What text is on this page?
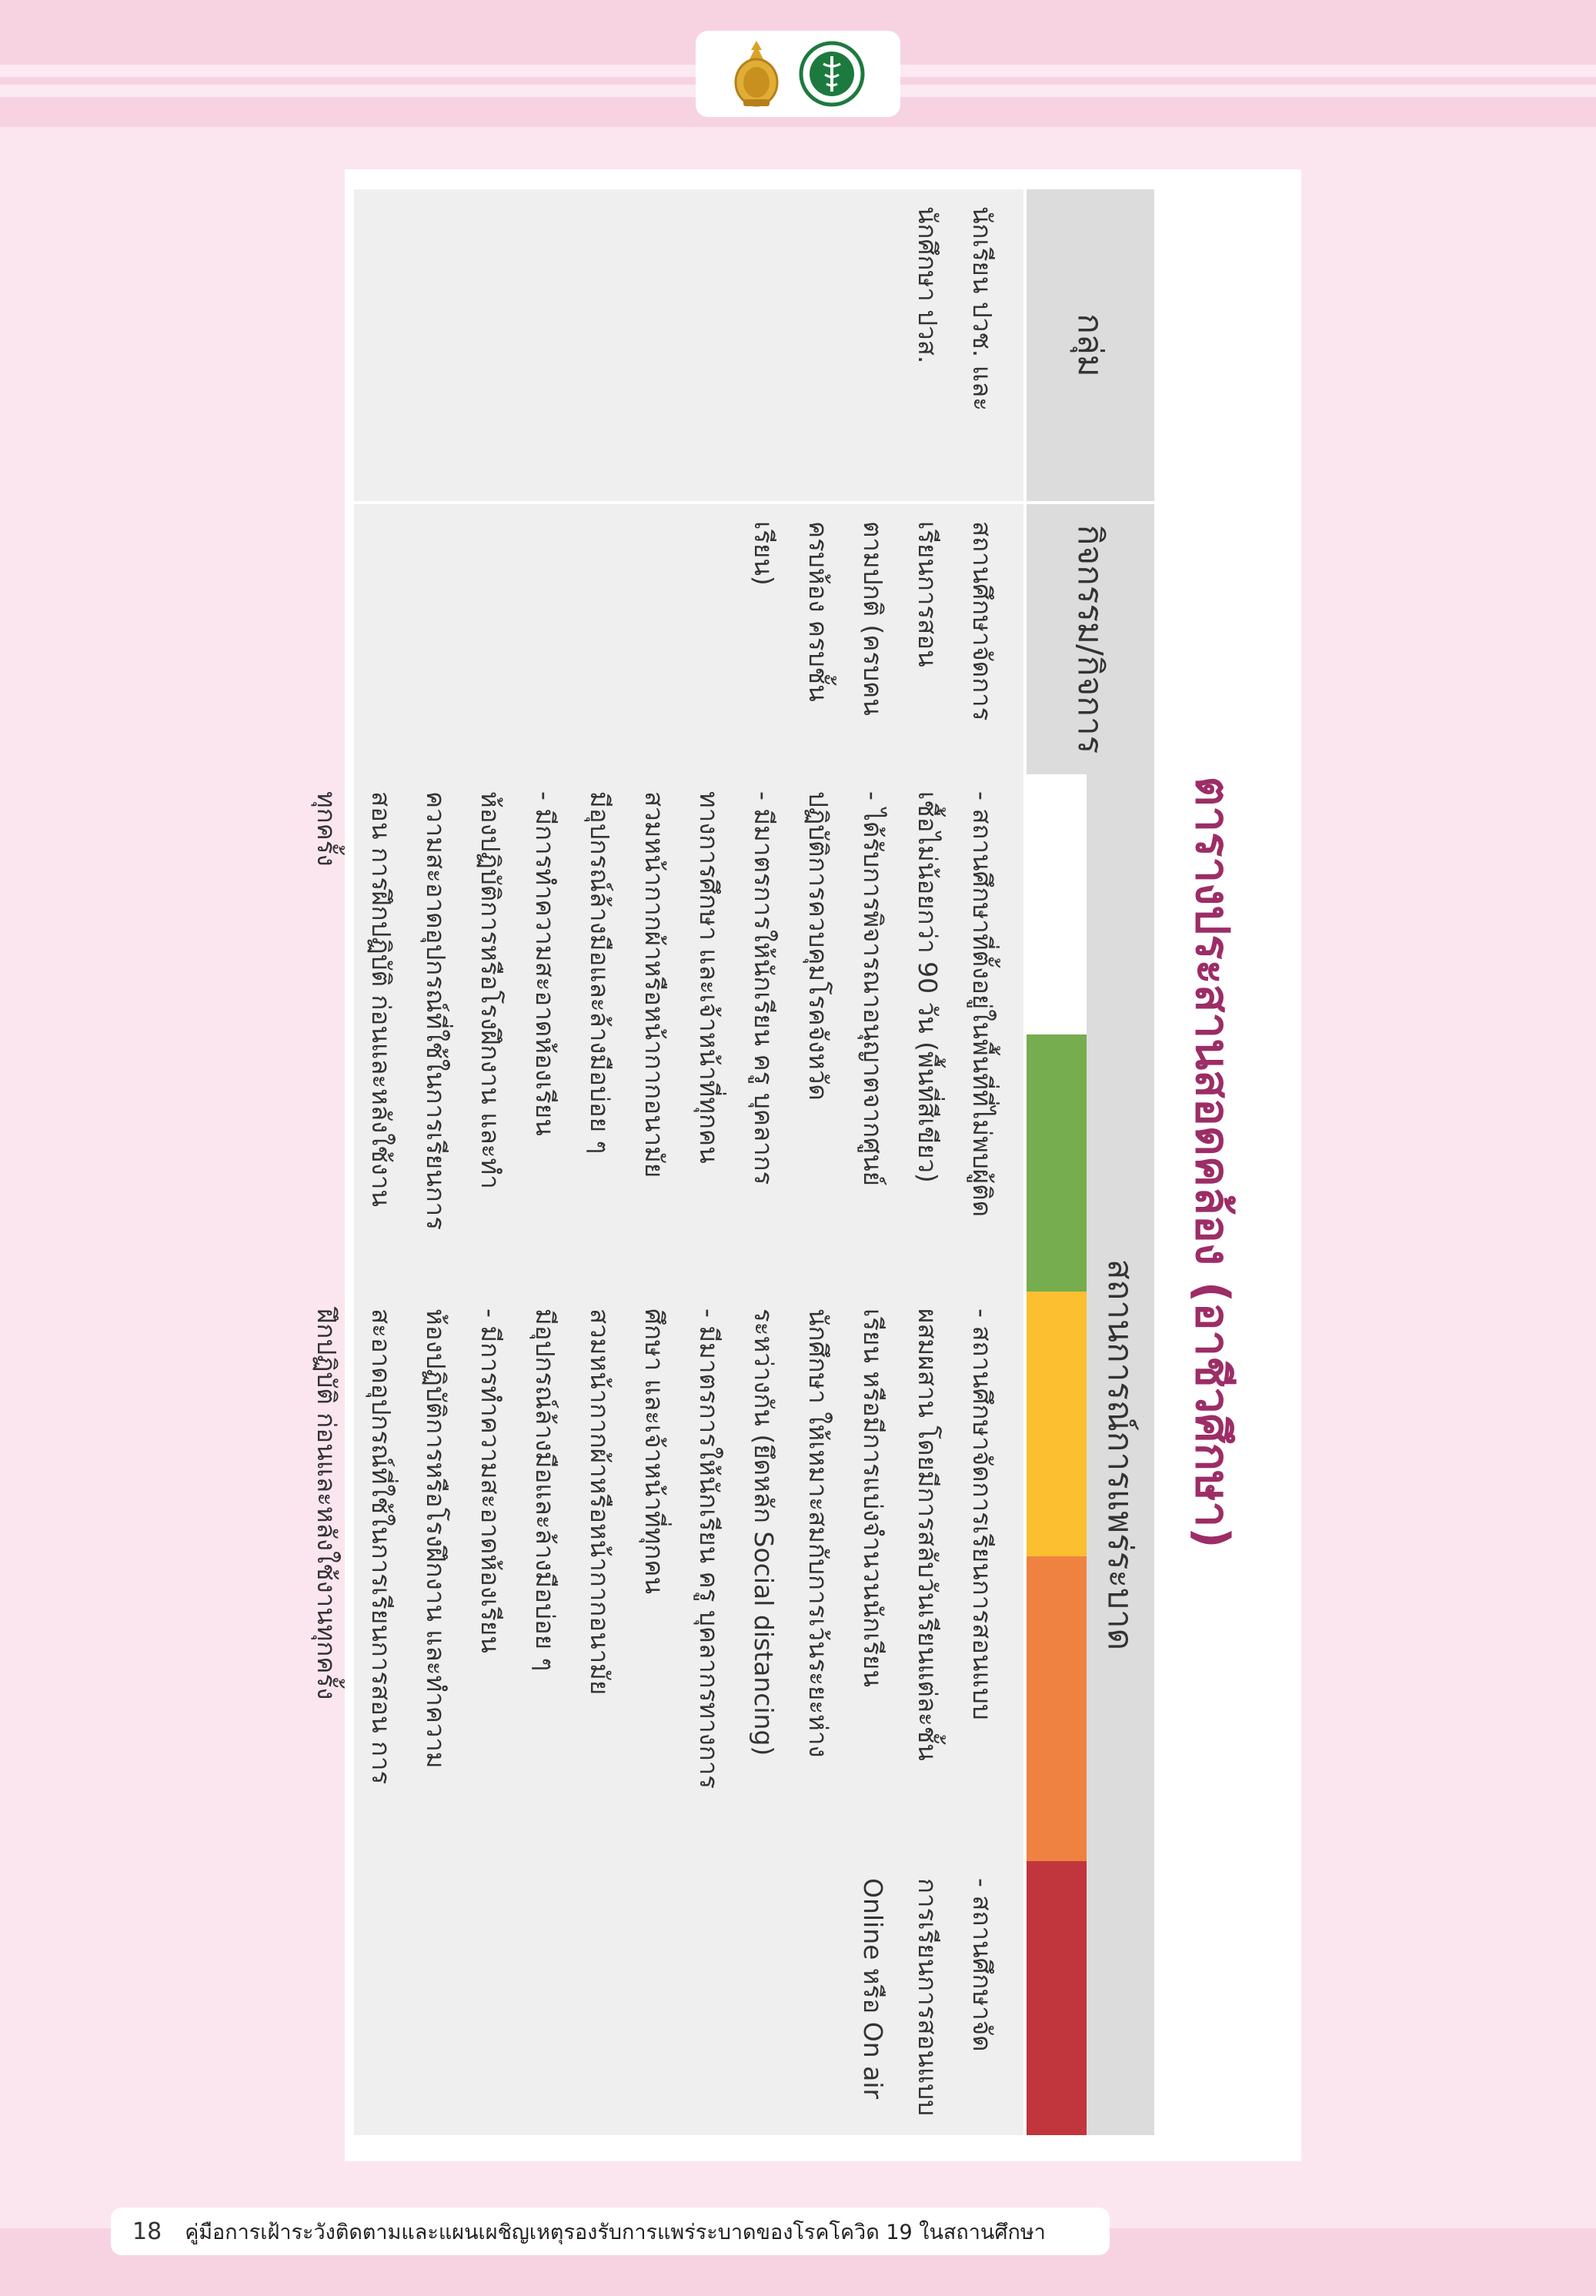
ตารางประสานสอดคล้อง (อาชีวศึกษา)
กลุ่ม
กิจกรรม/กิจการ
สถานการณ์การแพร่ระบาด
นักเรียน ปวช. และ
นักศึกษา ปวส.
สถานศึกษาจัดการ
เรียนการสอน
ตามปกติ (ครบคน
ครบห้อง ครบชั้น
เรียน)
- สถานศึกษาที่ตั้งอยู่ในพื้นที่ที่ไม่พบผู้ติด
เชื้อไม่น้อยกว่า 90 วัน (พื้นที่สีเขียว)
- ได้รับการพิจารณาอนุญาตจากศูนย์
ปฏิบัติการควบคุมโรคจังหวัด
- มีมาตรการให้นักเรียน ครู บุคลากร
ทางการศึกษา และเจ้าหน้าที่ทุกคน
สวมหน้ากากผ้าหรือหน้ากากอนามัย
มีอุปกรณ์ล้างมือและล้างมือบ่อย ๆ
- มีการทำความสะอาดห้องเรียน
ห้องปฏิบัติการหรือโรงฝึกงาน และทำ
ความสะอาดอุปกรณ์ที่ใช้ในการเรียนการ
สอน การฝึกปฏิบัติ ก่อนและหลังใช้งาน
ทุกครั้ง
- สถานศึกษาจัดการเรียนการสอนแบบ
ผสมผสาน โดยมีการสลับวันเรียนแต่ละชั้น
เรียน หรือมีการแบ่งจำนวนนักเรียน
นักศึกษา ให้เหมาะสมกับการเว้นระยะห่าง
ระหว่างกัน (ยึดหลัก Social distancing)
- มีมาตรการให้นักเรียน ครู บุคลากรทางการ
ศึกษา และเจ้าหน้าที่ทุกคน
สวมหน้ากากผ้าหรือหน้ากากอนามัย
มีอุปกรณ์ล้างมือและล้างมือบ่อย ๆ
- มีการทำความสะอาดห้องเรียน
ห้องปฏิบัติการหรือโรงฝึกงาน และทำความ
สะอาดอุปกรณ์ที่ใช้ในการเรียนการสอน การ
ฝึกปฏิบัติ ก่อนและหลังใช้งานทุกครั้ง
- สถานศึกษาจัด
การเรียนการสอนแบบ
Online หรือ On air
18 คู่มือการเฝ้าระวังติดตามและแผนเผชิญเหตุรองรับการแพร่ระบาดของโรคโควิด 19 ในสถานศึกษา
